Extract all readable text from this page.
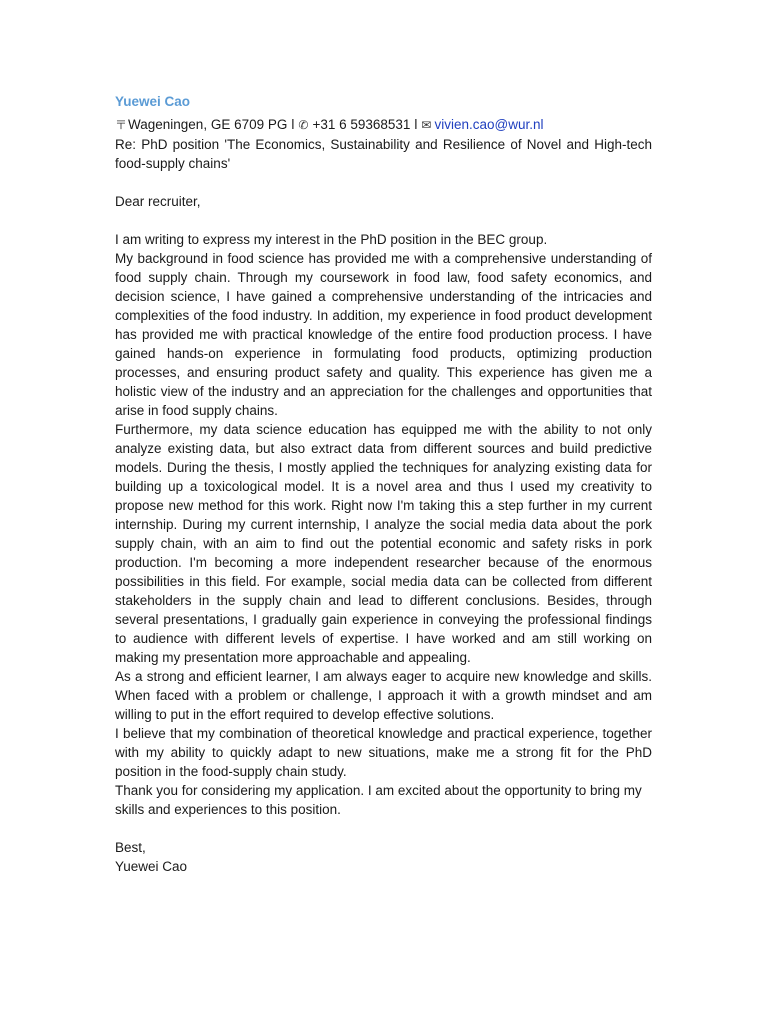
Yuewei Cao

〒 Wageningen, GE 6709 PG l ✆ +31 6 59368531 l ✉ vivien.cao@wur.nl

Re: PhD position 'The Economics, Sustainability and Resilience of Novel and High-tech food-supply chains'

Dear recruiter,

I am writing to express my interest in the PhD position in the BEC group.

My background in food science has provided me with a comprehensive understanding of food supply chain. Through my coursework in food law, food safety economics, and decision science, I have gained a comprehensive understanding of the intricacies and complexities of the food industry. In addition, my experience in food product development has provided me with practical knowledge of the entire food production process. I have gained hands-on experience in formulating food products, optimizing production processes, and ensuring product safety and quality. This experience has given me a holistic view of the industry and an appreciation for the challenges and opportunities that arise in food supply chains.

Furthermore, my data science education has equipped me with the ability to not only analyze existing data, but also extract data from different sources and build predictive models. During the thesis, I mostly applied the techniques for analyzing existing data for building up a toxicological model. It is a novel area and thus I used my creativity to propose new method for this work. Right now I'm taking this a step further in my current internship. During my current internship, I analyze the social media data about the pork supply chain, with an aim to find out the potential economic and safety risks in pork production. I'm becoming a more independent researcher because of the enormous possibilities in this field. For example, social media data can be collected from different stakeholders in the supply chain and lead to different conclusions. Besides, through several presentations, I gradually gain experience in conveying the professional findings to audience with different levels of expertise. I have worked and am still working on making my presentation more approachable and appealing.

As a strong and efficient learner, I am always eager to acquire new knowledge and skills. When faced with a problem or challenge, I approach it with a growth mindset and am willing to put in the effort required to develop effective solutions.

I believe that my combination of theoretical knowledge and practical experience, together with my ability to quickly adapt to new situations, make me a strong fit for the PhD position in the food-supply chain study.

Thank you for considering my application. I am excited about the opportunity to bring my skills and experiences to this position.

Best,

Yuewei Cao
